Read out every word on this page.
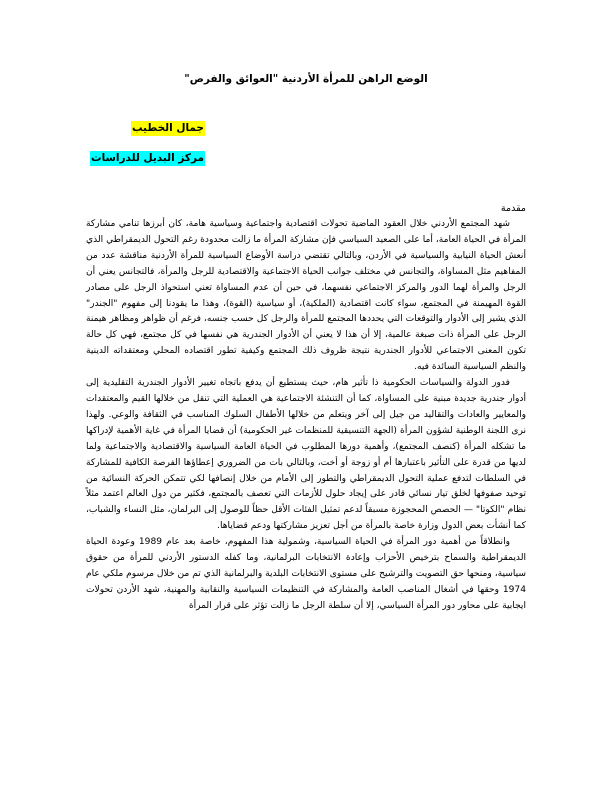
الوضع الراهن للمرأة الأردنية "العوائق والفرص"
جمال الخطيب
مركز البديل للدراسات
مقدمة

شهد المجتمع الأردني خلال العقود الماضية تحولات اقتصادية واجتماعية وسياسية هامة، كان أبرزها تنامي مشاركة المرأة في الحياة العامة، أما على الصعيد السياسي فإن مشاركة المرأة ما زالت محدودة رغم التحول الديمقراطي الذي أنعش الحياة النيابية والسياسية في الأردن، وبالتالي تقتضي دراسة الأوضاع السياسية للمرأة الأردنية مناقشة عدد من المفاهيم مثل المساواة، والتجانس في مختلف جوانب الحياة الاجتماعية والاقتصادية للرجل والمرأة، فالتجانس يعني أن الرجل والمرأة لهما الدور والمركز الاجتماعي نفسهما، في حين أن عدم المساواة تعني استحواذ الرجل على مصادر القوة المهيمنة في المجتمع، سواء كانت اقتصادية (الملكية)، أو سياسية (القوة)، وهذا ما يقودنا إلى مفهوم "الجندر" الذي يشير إلى الأدوار والتوقعات التي يحددها المجتمع للمرأة والرجل كل حسب جنسه، فرغم أن ظواهر ومظاهر هيمنة الرجل على المرأة ذات صبغة عالمية، إلا أن هذا لا يعني أن الأدوار الجندرية هي نفسها في كل مجتمع، فهي كل حالة تكون المعنى الاجتماعي للأدوار الجندرية نتيجة ظروف ذلك المجتمع وكيفية تطور اقتصاده المحلي ومعتقداته الدينية والنظم السياسية السائدة فيه.

فدور الدولة والسياسات الحكومية ذا تأثير هام، حيث يستطيع أن يدفع باتجاه تغيير الأدوار الجندرية التقليدية إلى أدوار جندرية جديدة مبنية على المساواة، كما أن التنشئة الاجتماعية هي العملية التي تنقل من خلالها القيم والمعتقدات والمعايير والعادات والتقاليد من جيل إلى آخر ويتعلم من خلالها الأطفال السلوك المناسب في الثقافة والوعي. ولهذا نرى اللجنة الوطنية لشؤون المرأة (الجهة التنسيقية للمنظمات غير الحكومية) أن قضايا المرأة في غاية الأهمية لإدراكها ما تشكله المرأة (كنصف المجتمع)، وأهمية دورها المطلوب في الحياة العامة السياسية والاقتصادية والاجتماعية ولما لديها من قدرة على التأثير باعتبارها أم أو زوجة أو أخت، وبالتالي بات من الضروري إعطاؤها الفرصة الكافية للمشاركة في السلطات لتدفع عملية التحول الديمقراطي والتطور إلى الأمام من خلال إنصافها لكي تتمكن الحركة النسائية من توحيد صفوفها لخلق تيار نسائي قادر على إيجاد حلول للأزمات التي تعصف بالمجتمع، فكثير من دول العالم اعتمد مثلاً نظام "الكوتا" — الحصص المحجوزة مسبقاً لدعم تمثيل الفئات الأقل حظاً للوصول إلى البرلمان، مثل النساء والشباب، كما أنشأت بعض الدول وزارة خاصة بالمرأة من أجل تعزيز مشاركتها ودعم قضاياها.

وانطلاقاً من أهمية دور المرأة في الحياة السياسية، وشمولية هذا المفهوم، خاصة بعد عام 1989 وعودة الحياة الديمقراطية والسماح بترخيص الأحزاب وإعادة الانتخابات البرلمانية، وما كفله الدستور الأردني للمرأة من حقوق سياسية، ومنحها حق التصويت والترشيح على مستوى الانتخابات البلدية والبرلمانية الذي تم من خلال مرسوم ملكي عام 1974 وحقها في أشغال المناصب العامة والمشاركة في التنظيمات السياسية والنقابية والمهنية، شهد الأردن تحولات ايجابية على محاور دور المرأة السياسي، إلا أن سلطة الرجل ما زالت تؤثر على قرار المرأة
